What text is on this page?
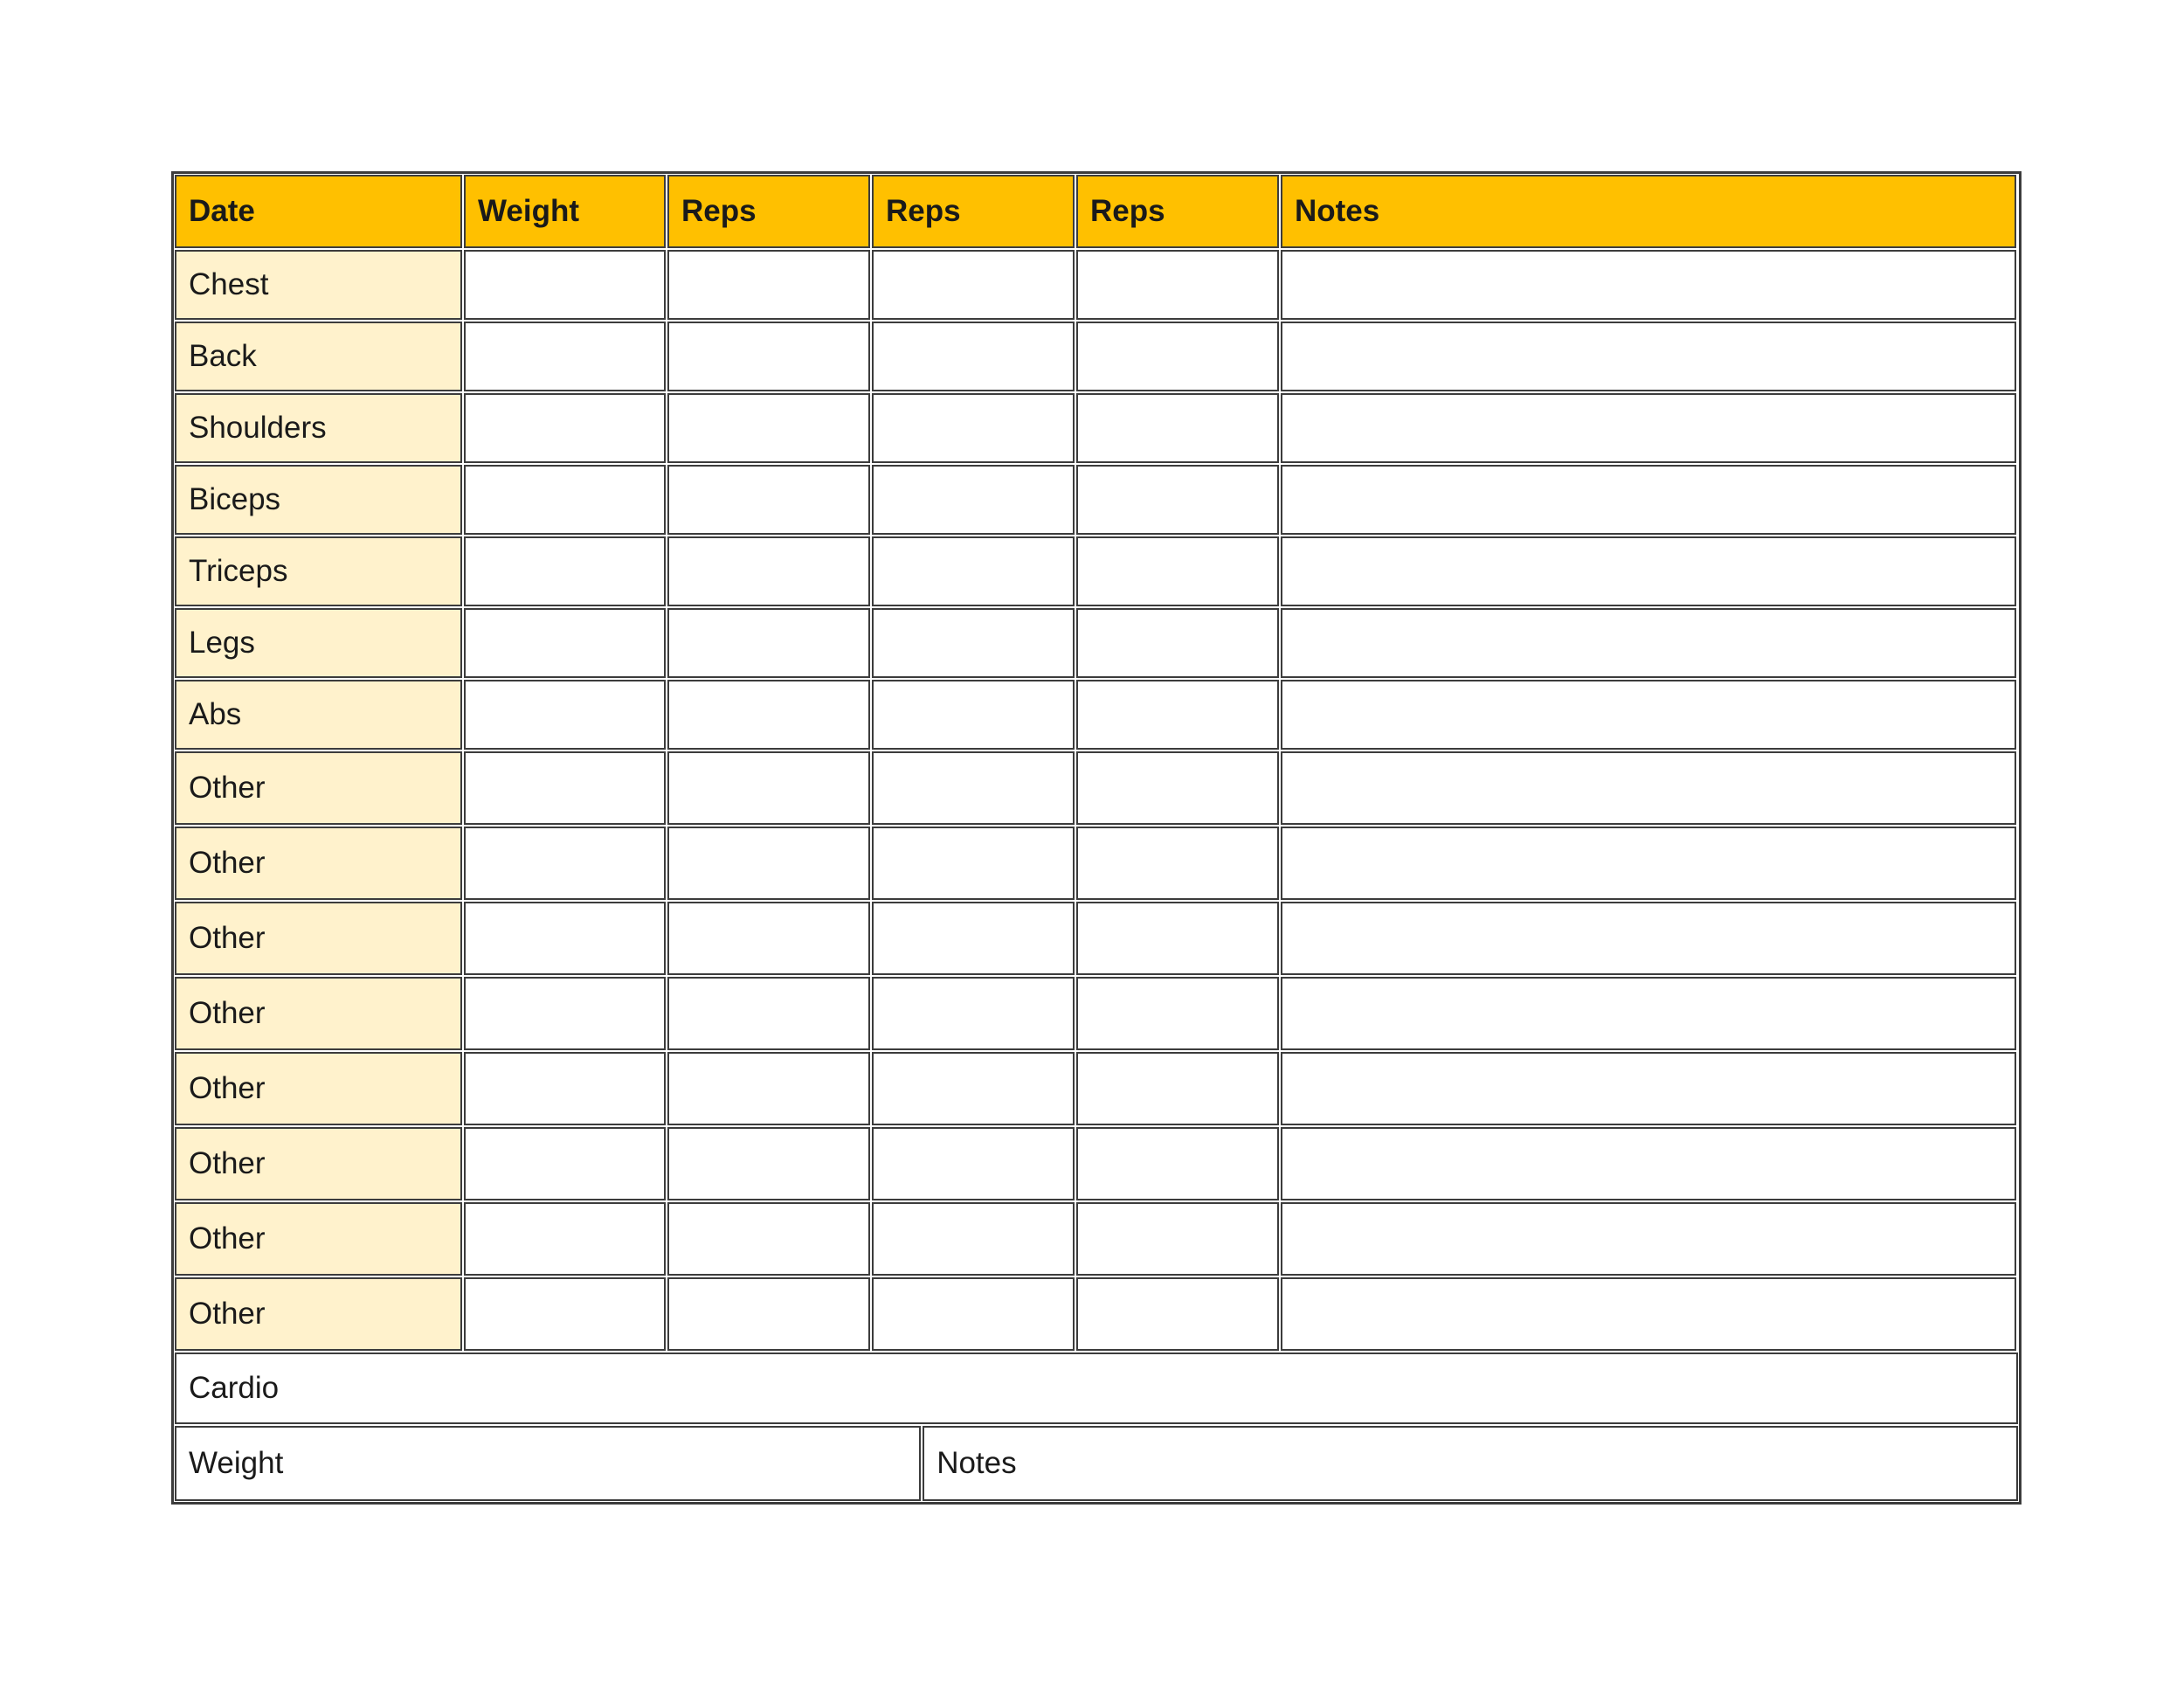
Date	Weight	Reps	Reps	Reps	Notes
Chest
Back
Shoulders
Biceps
Triceps
Legs
Abs
Other
Other
Other
Other
Other
Other
Other
Other
Cardio
Weight	Notes
